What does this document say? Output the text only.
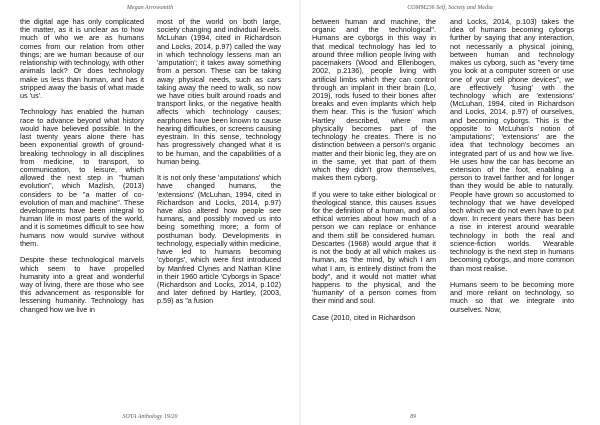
Megan Arrowsmith

the digital age has only complicated the matter, as it is unclear as to how much of who we are as humans comes from our relation from other things; are we human because of our relationship with technology, with other animals lack? Or does technology make us less than human, and has it stripped away the basis of what made us 'us'.

Technology has enabled the human race to advance beyond what history would have believed possible. In the last twenty years alone there has been exponential growth of ground-breaking technology in all disciplines from medicine, to transport, to communication, to leisure, which allowed the next step in "human evolution", which Mazlish, (2013) considers to be "a matter of co-evolution of man and machine". These developments have been integral to human life in most parts of the world, and it is sometimes difficult to see how humans now would survive without them.

Despite these technological marvels which seem to have propelled humanity into a great and wonderful way of living, there are those who see this advancement as responsible for lessening humanity. Technology has changed how we live in

most of the world on both large, society changing and individual levels. McLuhan (1994, cited in Richardson and Locks, 2014, p.97) called the way in which technology lessens man an 'amputation'; it takes away something from a person. These can be taking away physical needs, such as cars taking away the need to walk, so now we have cities built around roads and transport links, or the negative health affects which technology causes; earphones have been known to cause hearing difficulties, or screens causing eyestrain. In this sense, technology has progressively changed what it is to be human, and the capabilities of a human being.

It is not only these 'amputations' which have changed humans, the 'extensions' (McLuhan, 1994, cited in Richardson and Locks, 2014, p.97) have also altered how people see humans, and possibly moved us into being something more; a form of posthuman body. Developments in technology, especially within medicine, have led to humans becoming 'cyborgs', which were first introduced by Manfred Clynes and Nathan Kline in their 1960 article 'Cyborgs in Space' (Richardson and Locks, 2014, p.102) and later defined by Hartley, (2003, p.59) as "a fusion

SOTA Anthology 19/20
COMM236 Self, Society and Media

between human and machine, the organic and the technological". Humans are cyborgs in this way in that medical technology has led to around three million people living with pacemakers (Wood and Ellenbogen, 2002, p.2136), people living with artificial limbs which they can control through an implant in their brain (Lo, 2019), rods fused to their bones after breaks and even implants which help them hear. This is the 'fusion' which Hartley described, where man physically becomes part of the technology he creates. There is no distinction between a person's organic matter and their bionic leg, they are on in the same, yet that part of them which they didn't grow themselves, makes them cyborg.

If you were to take either biological or theological stance, this causes issues for the definition of a human, and also ethical worries about how much of a person we can replace or enhance and them still be considered human. Descartes (1968) would argue that it is not the body at all which makes us human, as "the mind, by which I am what I am, is entirely distinct from the body", and it would not matter what happens to the physical, and the 'humanity' of a person comes from their mind and soul.

Case (2010, cited in Richardson

and Locks, 2014, p.103) takes the idea of humans becoming cyborgs further by saying that any interaction, not necessarily a physical joining, between human and technology makes us cyborg, such as "every time you look at a computer screen or use one of your cell phone devices", we are effectively 'fusing' with the technology which are 'extensions' (McLuhan, 1994, cited in Richardson and Locks, 2014, p.97) of ourselves, and becoming cyborgs. This is the opposite to McLuhan's notion of 'amputations'; 'extensions' are the idea that technology becomes an integrated part of us and how we live. He uses how the car has become an extension of the foot, enabling a person to travel farther and for longer than they would be able to naturally. People have grown so accustomed to technology that we have developed tech which we do not even have to put down. In recent years there has been a rise in interest around wearable technology in both the real and science-fiction worlds. Wearable technology is the next step in humans becoming cyborgs, and more common than most realise.

Humans seem to be becoming more and more reliant on technology, so much so that we integrate into ourselves. Now,

89
